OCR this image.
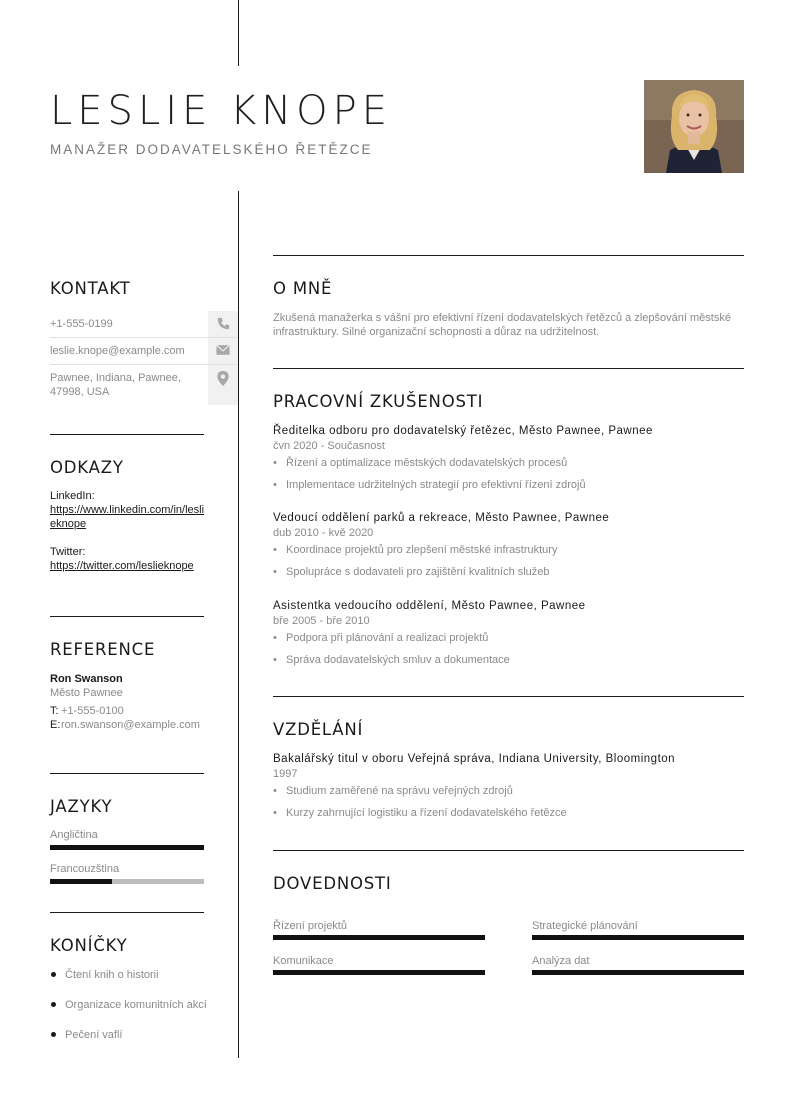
LESLIE KNOPE
MANAŽER DODAVATELSKÉHO ŘETĚZCE
KONTAKT
+1-555-0199
leslie.knope@example.com
Pawnee, Indiana, Pawnee, 47998, USA
ODKAZY
LinkedIn:
https://www.linkedin.com/in/leslieknope
Twitter:
https://twitter.com/leslieknope
REFERENCE
Ron Swanson
Město Pawnee
T: +1-555-0100
E: ron.swanson@example.com
JAZYKY
Angličtina
Francouzština
KONÍČKY
Čtení knih o historii
Organizace komunitních akcí
Pečení vaflí
O MNĚ
Zkušená manažerka s vášní pro efektivní řízení dodavatelských řetězců a zlepšování městské infrastruktury. Silné organizační schopnosti a důraz na udržitelnost.
PRACOVNÍ ZKUŠENOSTI
Ředitelka odboru pro dodavatelský řetězec, Město Pawnee, Pawnee
čvn 2020 - Současnost
• Řízení a optimalizace městských dodavatelských procesů
• Implementace udržitelných strategií pro efektivní řízení zdrojů
Vedoucí oddělení parků a rekreace, Město Pawnee, Pawnee
dub 2010 - kvě 2020
• Koordinace projektů pro zlepšení městské infrastruktury
• Spolupráce s dodavateli pro zajištění kvalitních služeb
Asistentka vedoucího oddělení, Město Pawnee, Pawnee
bře 2005 - bře 2010
• Podpora při plánování a realizaci projektů
• Správa dodavatelských smluv a dokumentace
VZDĚLÁNÍ
Bakalářský titul v oboru Veřejná správa, Indiana University, Bloomington
1997
• Studium zaměřené na správu veřejných zdrojů
• Kurzy zahrnující logistiku a řízení dodavatelského řetězce
DOVEDNOSTI
Řízení projektů	Strategické plánování
Komunikace	Analýza dat
